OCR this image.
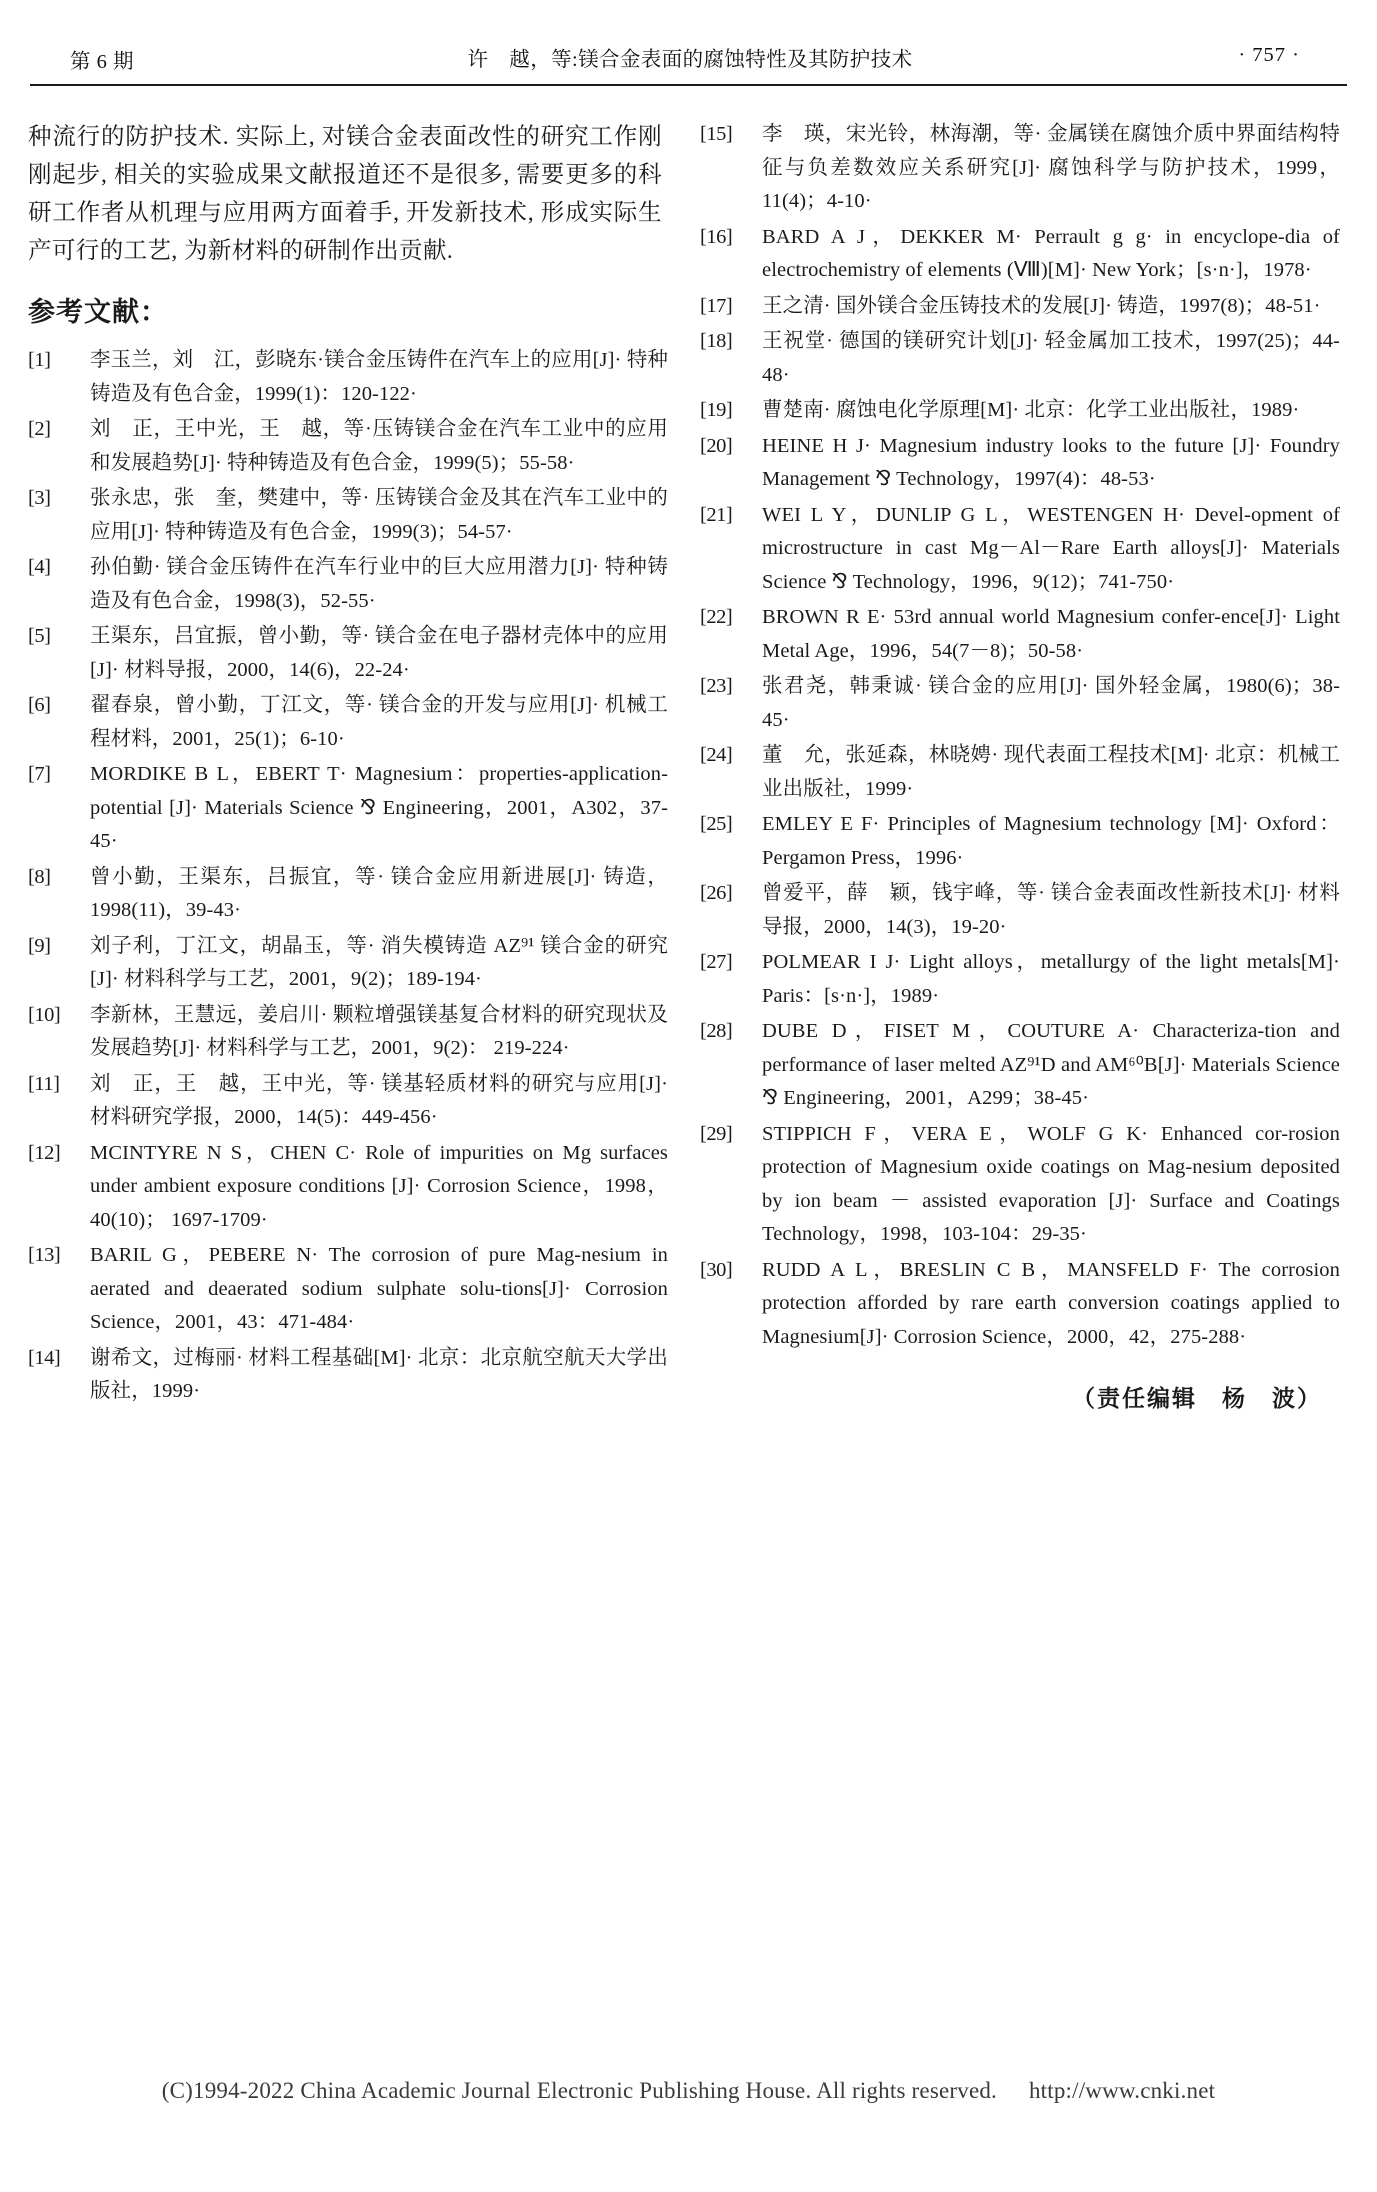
第 6 期	许　越，等:镁合金表面的腐蚀特性及其防护技术	· 757 ·

种流行的防护技术. 实际上, 对镁合金表面改性的研究工作刚刚起步, 相关的实验成果文献报道还不是很多, 需要更多的科研工作者从机理与应用两方面着手, 开发新技术, 形成实际生产可行的工艺, 为新材料的研制作出贡献.

参考文献：
[1]	李玉兰，刘　江，彭晓东·镁合金压铸件在汽车上的应用[J]· 特种铸造及有色合金，1999(1)：120-122·
[2]	刘　正，王中光，王　越，等·压铸镁合金在汽车工业中的应用和发展趋势[J]· 特种铸造及有色合金，1999(5)；55-58·
[3]	张永忠，张　奎，樊建中，等· 压铸镁合金及其在汽车工业中的应用[J]· 特种铸造及有色合金，1999(3)；54-57·
[4]	孙伯勤· 镁合金压铸件在汽车行业中的巨大应用潜力[J]· 特种铸造及有色合金，1998(3)，52-55·
[5]	王渠东，吕宜振，曾小勤，等· 镁合金在电子器材壳体中的应用[J]· 材料导报，2000，14(6)，22-24·
[6]	翟春泉，曾小勤，丁江文，等· 镁合金的开发与应用[J]· 机械工程材料，2001，25(1)；6-10·
[7]	MORDIKE B L，EBERT T· Magnesium：properties-application-potential [J]· Materials Science ⅋ Engineering，2001，A302，37-45·
[8]	曾小勤，王渠东，吕振宜，等· 镁合金应用新进展[J]· 铸造，1998(11)，39-43·
[9]	刘子利，丁江文，胡晶玉，等· 消失模铸造 AZ⁹¹ 镁合金的研究[J]· 材料科学与工艺，2001，9(2)；189-194·
[10]	李新林，王慧远，姜启川· 颗粒增强镁基复合材料的研究现状及发展趋势[J]· 材料科学与工艺，2001，9(2)： 219-224·
[11]	刘　正，王　越，王中光，等· 镁基轻质材料的研究与应用[J]· 材料研究学报，2000，14(5)：449-456·
[12]	MCINTYRE N S，CHEN C· Role of impurities on Mg surfaces under ambient exposure conditions [J]· Corrosion Science，1998，40(10)； 1697-1709·
[13]	BARIL G，PEBERE N· The corrosion of pure Mag-nesium in aerated and deaerated sodium sulphate solu-tions[J]· Corrosion Science，2001，43：471-484·
[14]	谢希文，过梅丽· 材料工程基础[M]· 北京：北京航空航天大学出版社，1999·
[15]	李　瑛，宋光铃，林海潮，等· 金属镁在腐蚀介质中界面结构特征与负差数效应关系研究[J]· 腐蚀科学与防护技术，1999，11(4)；4-10·
[16]	BARD A J，DEKKER M· Perrault g g· in encyclope-dia of electrochemistry of elements (Ⅷ)[M]· New York；[s·n·]，1978·
[17]	王之清· 国外镁合金压铸技术的发展[J]· 铸造，1997(8)；48-51·
[18]	王祝堂· 德国的镁研究计划[J]· 轻金属加工技术，1997(25)；44-48·
[19]	曹楚南· 腐蚀电化学原理[M]· 北京：化学工业出版社，1989·
[20]	HEINE H J· Magnesium industry looks to the future [J]· Foundry Management ⅋ Technology，1997(4)：48-53·
[21]	WEI L Y，DUNLIP G L，WESTENGEN H· Devel-opment of microstructure in cast Mg－Al－Rare Earth alloys[J]· Materials Science ⅋ Technology，1996，9(12)；741-750·
[22]	BROWN R E· 53rd annual world Magnesium confer-ence[J]· Light Metal Age，1996，54(7－8)；50-58·
[23]	张君尧，韩秉诚· 镁合金的应用[J]· 国外轻金属，1980(6)；38-45·
[24]	董　允，张延森，林晓娉· 现代表面工程技术[M]· 北京：机械工业出版社，1999·
[25]	EMLEY E F· Principles of Magnesium technology [M]· Oxford：Pergamon Press，1996·
[26]	曾爱平，薛　颖，钱宇峰，等· 镁合金表面改性新技术[J]· 材料导报，2000，14(3)，19-20·
[27]	POLMEAR I J· Light alloys，metallurgy of the light metals[M]· Paris：[s·n·]，1989·
[28]	DUBE D，FISET M，COUTURE A· Characteriza-tion and performance of laser melted AZ⁹¹D and AM⁶⁰B[J]· Materials Science ⅋ Engineering，2001，A299；38-45·
[29]	STIPPICH F，VERA E，WOLF G K· Enhanced cor-rosion protection of Magnesium oxide coatings on Mag-nesium deposited by ion beam － assisted evaporation [J]· Surface and Coatings Technology，1998，103-104：29-35·
[30]	RUDD A L，BRESLIN C B，MANSFELD F· The corrosion protection afforded by rare earth conversion coatings applied to Magnesium[J]· Corrosion Science，2000，42，275-288·
（责任编辑　杨　波）
(C)1994-2022 China Academic Journal Electronic Publishing House. All rights reserved. http://www.cnki.net
